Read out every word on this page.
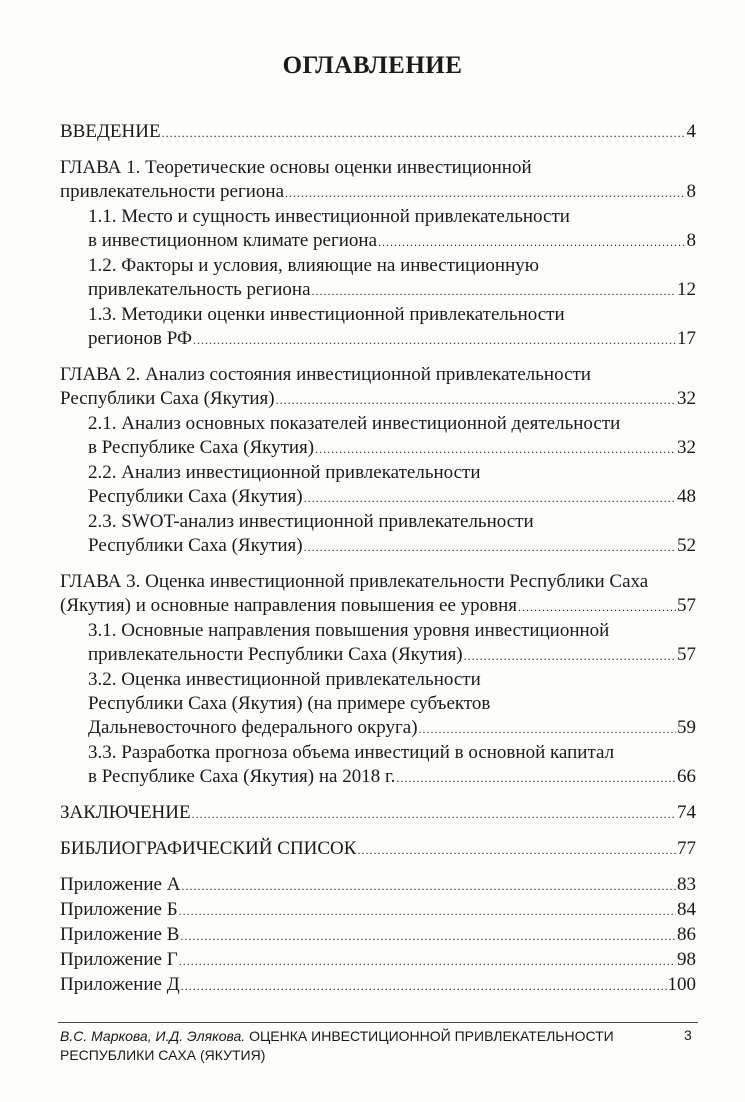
ОГЛАВЛЕНИЕ
ВВЕДЕНИЕ .....	4
ГЛАВА 1. Теоретические основы оценки инвестиционной
привлекательности региона .....	8
1.1. Место и сущность инвестиционной привлекательности
в инвестиционном климате региона .....	8
1.2. Факторы и условия, влияющие на инвестиционную
привлекательность региона .....	12
1.3. Методики оценки инвестиционной привлекательности
регионов РФ .....	17
ГЛАВА 2. Анализ состояния инвестиционной привлекательности
Республики Саха (Якутия) .....	32
2.1. Анализ основных показателей инвестиционной деятельности
в Республике Саха (Якутия) .....	32
2.2. Анализ инвестиционной привлекательности
Республики Саха (Якутия) .....	48
2.3. SWOT-анализ инвестиционной привлекательности
Республики Саха (Якутия) .....	52
ГЛАВА 3. Оценка инвестиционной привлекательности Республики Саха
(Якутия) и основные направления повышения ее уровня .....	57
3.1. Основные направления повышения уровня инвестиционной
привлекательности Республики Саха (Якутия) .....	57
3.2. Оценка инвестиционной привлекательности
Республики Саха (Якутия) (на примере субъектов
Дальневосточного федерального округа) .....	59
3.3. Разработка прогноза объема инвестиций в основной капитал
в Республике Саха (Якутия) на 2018 г. .....	66
ЗАКЛЮЧЕНИЕ .....	74
БИБЛИОГРАФИЧЕСКИЙ СПИСОК .....	77
Приложение А .....	83
Приложение Б .....	84
Приложение В .....	86
Приложение Г .....	98
Приложение Д .....	100
В.С. Маркова, И.Д. Элякова. ОЦЕНКА ИНВЕСТИЦИОННОЙ ПРИВЛЕКАТЕЛЬНОСТИ
РЕСПУБЛИКИ САХА (ЯКУТИЯ)
3
